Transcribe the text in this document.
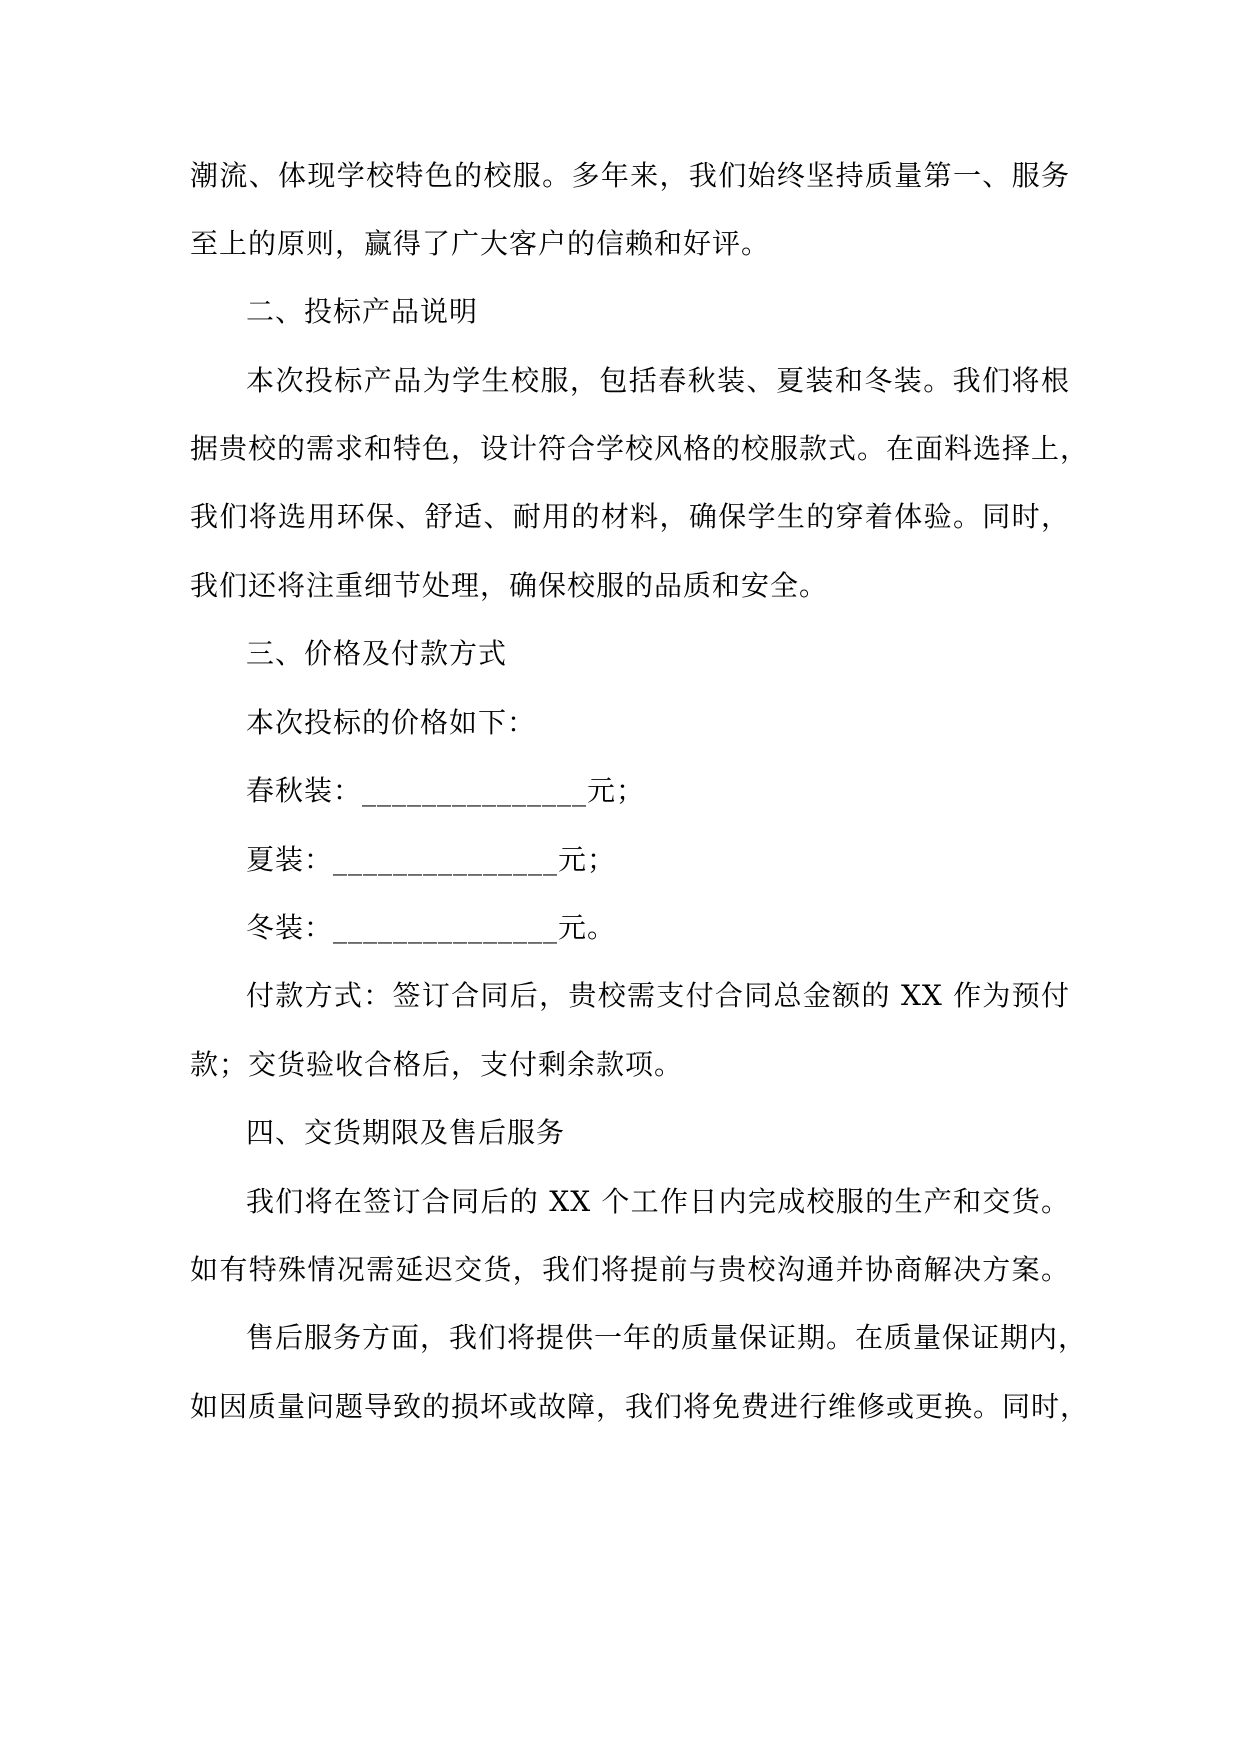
潮流、体现学校特色的校服。多年来，我们始终坚持质量第一、服务
至上的原则，赢得了广大客户的信赖和好评。
二、投标产品说明
本次投标产品为学生校服，包括春秋装、夏装和冬装。我们将根
据贵校的需求和特色，设计符合学校风格的校服款式。在面料选择上，
我们将选用环保、舒适、耐用的材料，确保学生的穿着体验。同时，
我们还将注重细节处理，确保校服的品质和安全。
三、价格及付款方式
本次投标的价格如下：
春秋装：_______________元；
夏装：_______________元；
冬装：_______________元。
付款方式：签订合同后，贵校需支付合同总金额的 XX 作为预付
款；交货验收合格后，支付剩余款项。
四、交货期限及售后服务
我们将在签订合同后的 XX 个工作日内完成校服的生产和交货。
如有特殊情况需延迟交货，我们将提前与贵校沟通并协商解决方案。
售后服务方面，我们将提供一年的质量保证期。在质量保证期内，
如因质量问题导致的损坏或故障，我们将免费进行维修或更换。同时，
